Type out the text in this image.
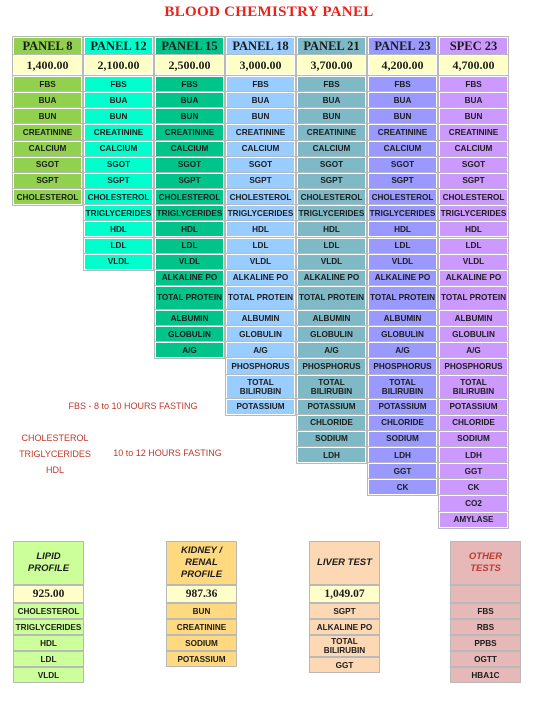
BLOOD CHEMISTRY PANEL
PANEL 8
1,400.00
FBS
BUA
BUN
CREATININE
CALCIUM
SGOT
SGPT
CHOLESTEROL
PANEL 12
2,100.00
FBS
BUA
BUN
CREATININE
CALCIUM
SGOT
SGPT
CHOLESTEROL
TRIGLYCERIDES
HDL
LDL
VLDL
PANEL 15
2,500.00
FBS
BUA
BUN
CREATININE
CALCIUM
SGOT
SGPT
CHOLESTEROL
TRIGLYCERIDES
HDL
LDL
VLDL
ALKALINE PO
TOTAL PROTEIN
ALBUMIN
GLOBULIN
A/G
PANEL 18
3,000.00
FBS
BUA
BUN
CREATININE
CALCIUM
SGOT
SGPT
CHOLESTEROL
TRIGLYCERIDES
HDL
LDL
VLDL
ALKALINE PO
TOTAL PROTEIN
ALBUMIN
GLOBULIN
A/G
PHOSPHORUS
TOTAL BILIRUBIN
POTASSIUM
PANEL 21
3,700.00
FBS
BUA
BUN
CREATININE
CALCIUM
SGOT
SGPT
CHOLESTEROL
TRIGLYCERIDES
HDL
LDL
VLDL
ALKALINE PO
TOTAL PROTEIN
ALBUMIN
GLOBULIN
A/G
PHOSPHORUS
TOTAL BILIRUBIN
POTASSIUM
CHLORIDE
SODIUM
LDH
PANEL 23
4,200.00
FBS
BUA
BUN
CREATININE
CALCIUM
SGOT
SGPT
CHOLESTEROL
TRIGLYCERIDES
HDL
LDL
VLDL
ALKALINE PO
TOTAL PROTEIN
ALBUMIN
GLOBULIN
A/G
PHOSPHORUS
TOTAL BILIRUBIN
POTASSIUM
CHLORIDE
SODIUM
LDH
GGT
CK
SPEC 23
4,700.00
FBS
BUA
BUN
CREATININE
CALCIUM
SGOT
SGPT
CHOLESTEROL
TRIGLYCERIDES
HDL
LDL
VLDL
ALKALINE PO
TOTAL PROTEIN
ALBUMIN
GLOBULIN
A/G
PHOSPHORUS
TOTAL BILIRUBIN
POTASSIUM
CHLORIDE
SODIUM
LDH
GGT
CK
CO2
AMYLASE
FBS - 8 to 10 HOURS FASTING
CHOLESTEROL
TRIGLYCERIDES
HDL
10 to 12 HOURS FASTING
LIPID PROFILE
925.00
CHOLESTEROL
TRIGLYCERIDES
HDL
LDL
VLDL
KIDNEY / RENAL PROFILE
987.36
BUN
CREATININE
SODIUM
POTASSIUM
LIVER TEST
1,049.07
SGPT
ALKALINE PO
TOTAL BILIRUBIN
GGT
OTHER TESTS
FBS
RBS
PPBS
OGTT
HBA1C
